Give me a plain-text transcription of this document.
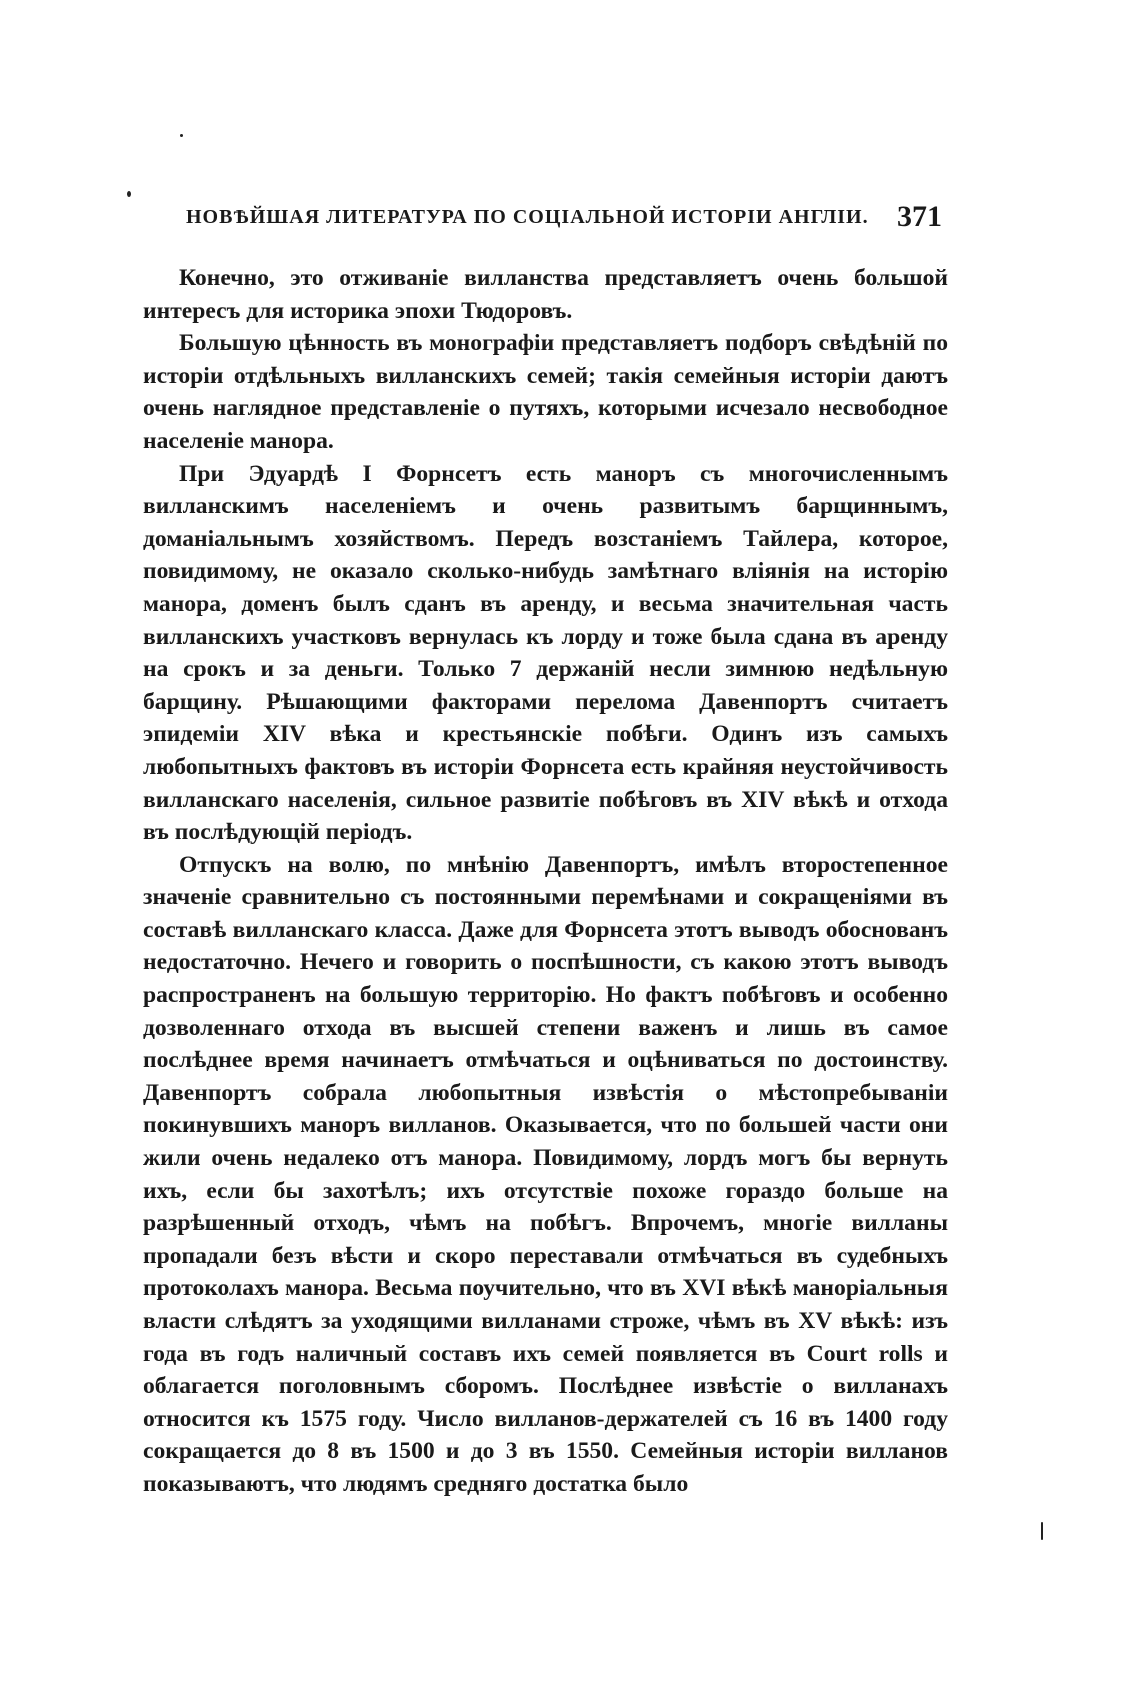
НОВѢЙШАЯ ЛИТЕРАТУРА ПО СОЦІАЛЬНОЙ ИСТОРІИ АНГЛІИ. 371

Конечно, это отживаніе вилланства представляетъ очень большой интересъ для историка эпохи Тюдоровъ.

Большую цѣнность въ монографіи представляетъ подборъ свѣдѣній по исторіи отдѣльныхъ вилланскихъ семей; такія семейныя исторіи даютъ очень наглядное представленіе о путяхъ, которыми исчезало несвободное населеніе манора.

При Эдуардѣ I Форнсетъ есть маноръ съ многочисленнымъ вилланскимъ населеніемъ и очень развитымъ барщиннымъ, доманіальнымъ хозяйствомъ. Передъ возстаніемъ Тайлера, которое, повидимому, не оказало сколько-нибудь замѣтнаго вліянія на исторію манора, доменъ былъ сданъ въ аренду, и весьма значительная часть вилланскихъ участковъ вернулась къ лорду и тоже была сдана въ аренду на срокъ и за деньги. Только 7 держаній несли зимнюю недѣльную барщину. Рѣшающими факторами перелома Давенпортъ считаетъ эпидеміи XIV вѣка и крестьянскіе побѣги. Одинъ изъ самыхъ любопытныхъ фактовъ въ исторіи Форнсета есть крайняя неустойчивость вилланскаго населенія, сильное развитіе побѣговъ въ XIV вѣкѣ и отхода въ послѣдующій періодъ.

Отпускъ на волю, по мнѣнію Давенпортъ, имѣлъ второстепенное значеніе сравнительно съ постоянными перемѣнами и сокращеніями въ составѣ вилланскаго класса. Даже для Форнсета этотъ выводъ обоснованъ недостаточно. Нечего и говорить о поспѣшности, съ какою этотъ выводъ распространенъ на большую территорію. Но фактъ побѣговъ и особенно дозволеннаго отхода въ высшей степени важенъ и лишь въ самое послѣднее время начинаетъ отмѣчаться и оцѣниваться по достоинству. Давенпортъ собрала любопытныя извѣстія о мѣстопребываніи покинувшихъ маноръ вилланов. Оказывается, что по большей части они жили очень недалеко отъ манора. Повидимому, лордъ могъ бы вернуть ихъ, если бы захотѣлъ; ихъ отсутствіе похоже гораздо больше на разрѣшенный отходъ, чѣмъ на побѣгъ. Впрочемъ, многіе вилланы пропадали безъ вѣсти и скоро переставали отмѣчаться въ судебныхъ протоколахъ манора. Весьма поучительно, что въ XVI вѣкѣ маноріальныя власти слѣдятъ за уходящими вилланами строже, чѣмъ въ XV вѣкѣ: изъ года въ годъ наличный составъ ихъ семей появляется въ Court rolls и облагается поголовнымъ сборомъ. Послѣднее извѣстіе о вилланахъ относится къ 1575 году. Число вилланов-держателей съ 16 въ 1400 году сокращается до 8 въ 1500 и до 3 въ 1550. Семейныя исторіи вилланов показываютъ, что людямъ средняго достатка было
